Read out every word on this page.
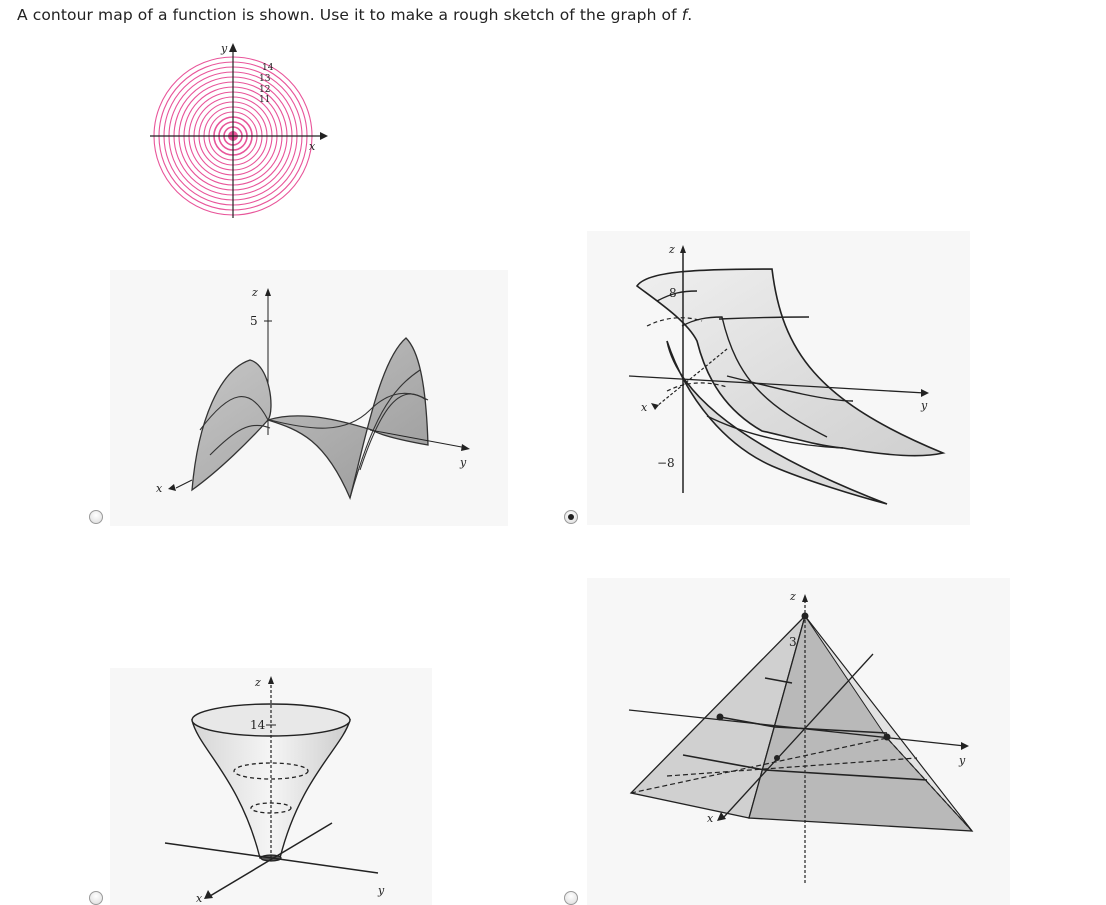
A contour map of a function is shown. Use it to make a rough sketch of the graph of f.
y
x
14
13
12
11
z
5
y
x
z
8
−8
y
x
z
14
y
x
z
3
y
x
